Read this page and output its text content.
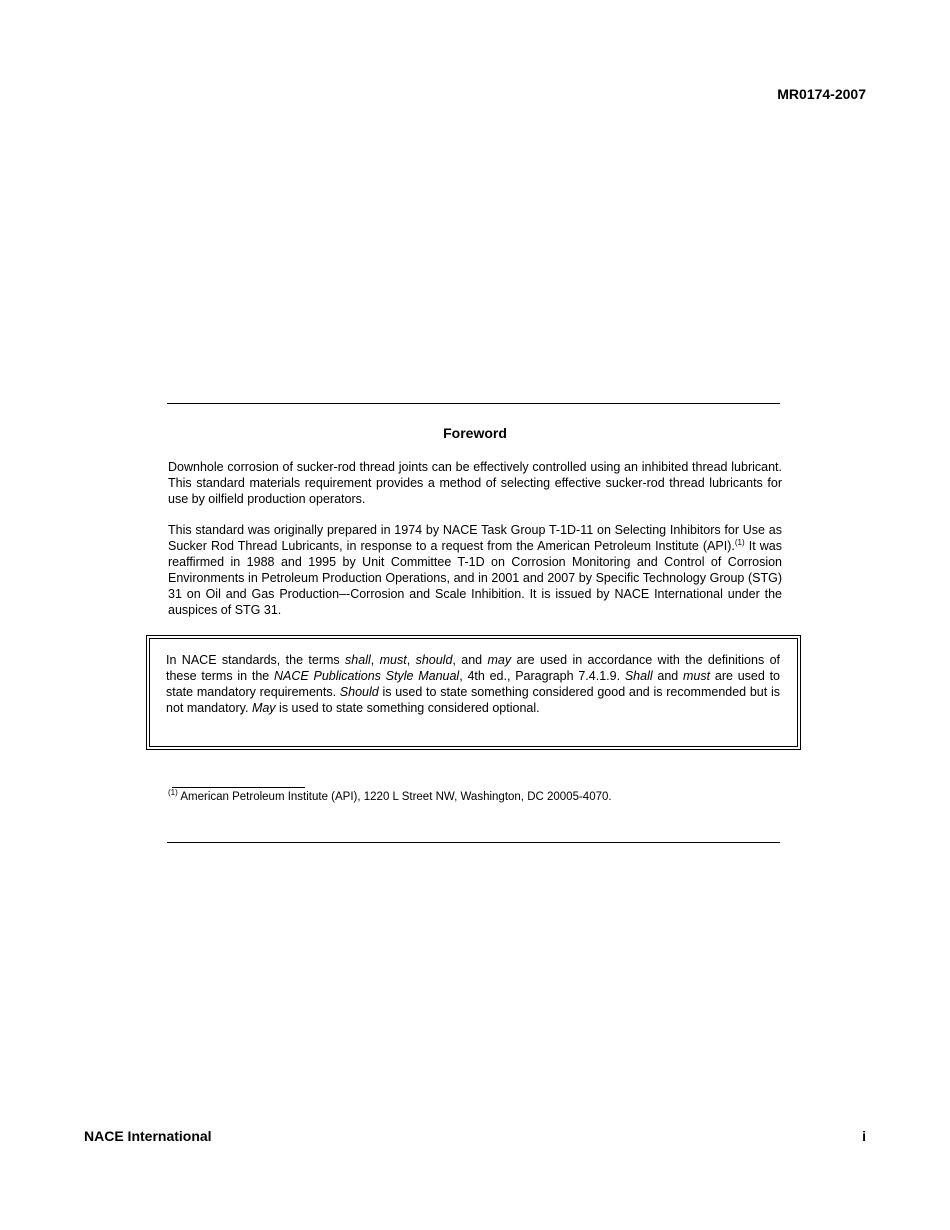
MR0174-2007
Foreword
Downhole corrosion of sucker-rod thread joints can be effectively controlled using an inhibited thread lubricant. This standard materials requirement provides a method of selecting effective sucker-rod thread lubricants for use by oilfield production operators.
This standard was originally prepared in 1974 by NACE Task Group T-1D-11 on Selecting Inhibitors for Use as Sucker Rod Thread Lubricants, in response to a request from the American Petroleum Institute (API).$^{(1)}$ It was reaffirmed in 1988 and 1995 by Unit Committee T-1D on Corrosion Monitoring and Control of Corrosion Environments in Petroleum Production Operations, and in 2001 and 2007 by Specific Technology Group (STG) 31 on Oil and Gas Production–-Corrosion and Scale Inhibition. It is issued by NACE International under the auspices of STG 31.
In NACE standards, the terms shall, must, should, and may are used in accordance with the definitions of these terms in the NACE Publications Style Manual, 4th ed., Paragraph 7.4.1.9. Shall and must are used to state mandatory requirements. Should is used to state something considered good and is recommended but is not mandatory. May is used to state something considered optional.
$^{(1)}$ American Petroleum Institute (API), 1220 L Street NW, Washington, DC 20005-4070.
NACE International	i
